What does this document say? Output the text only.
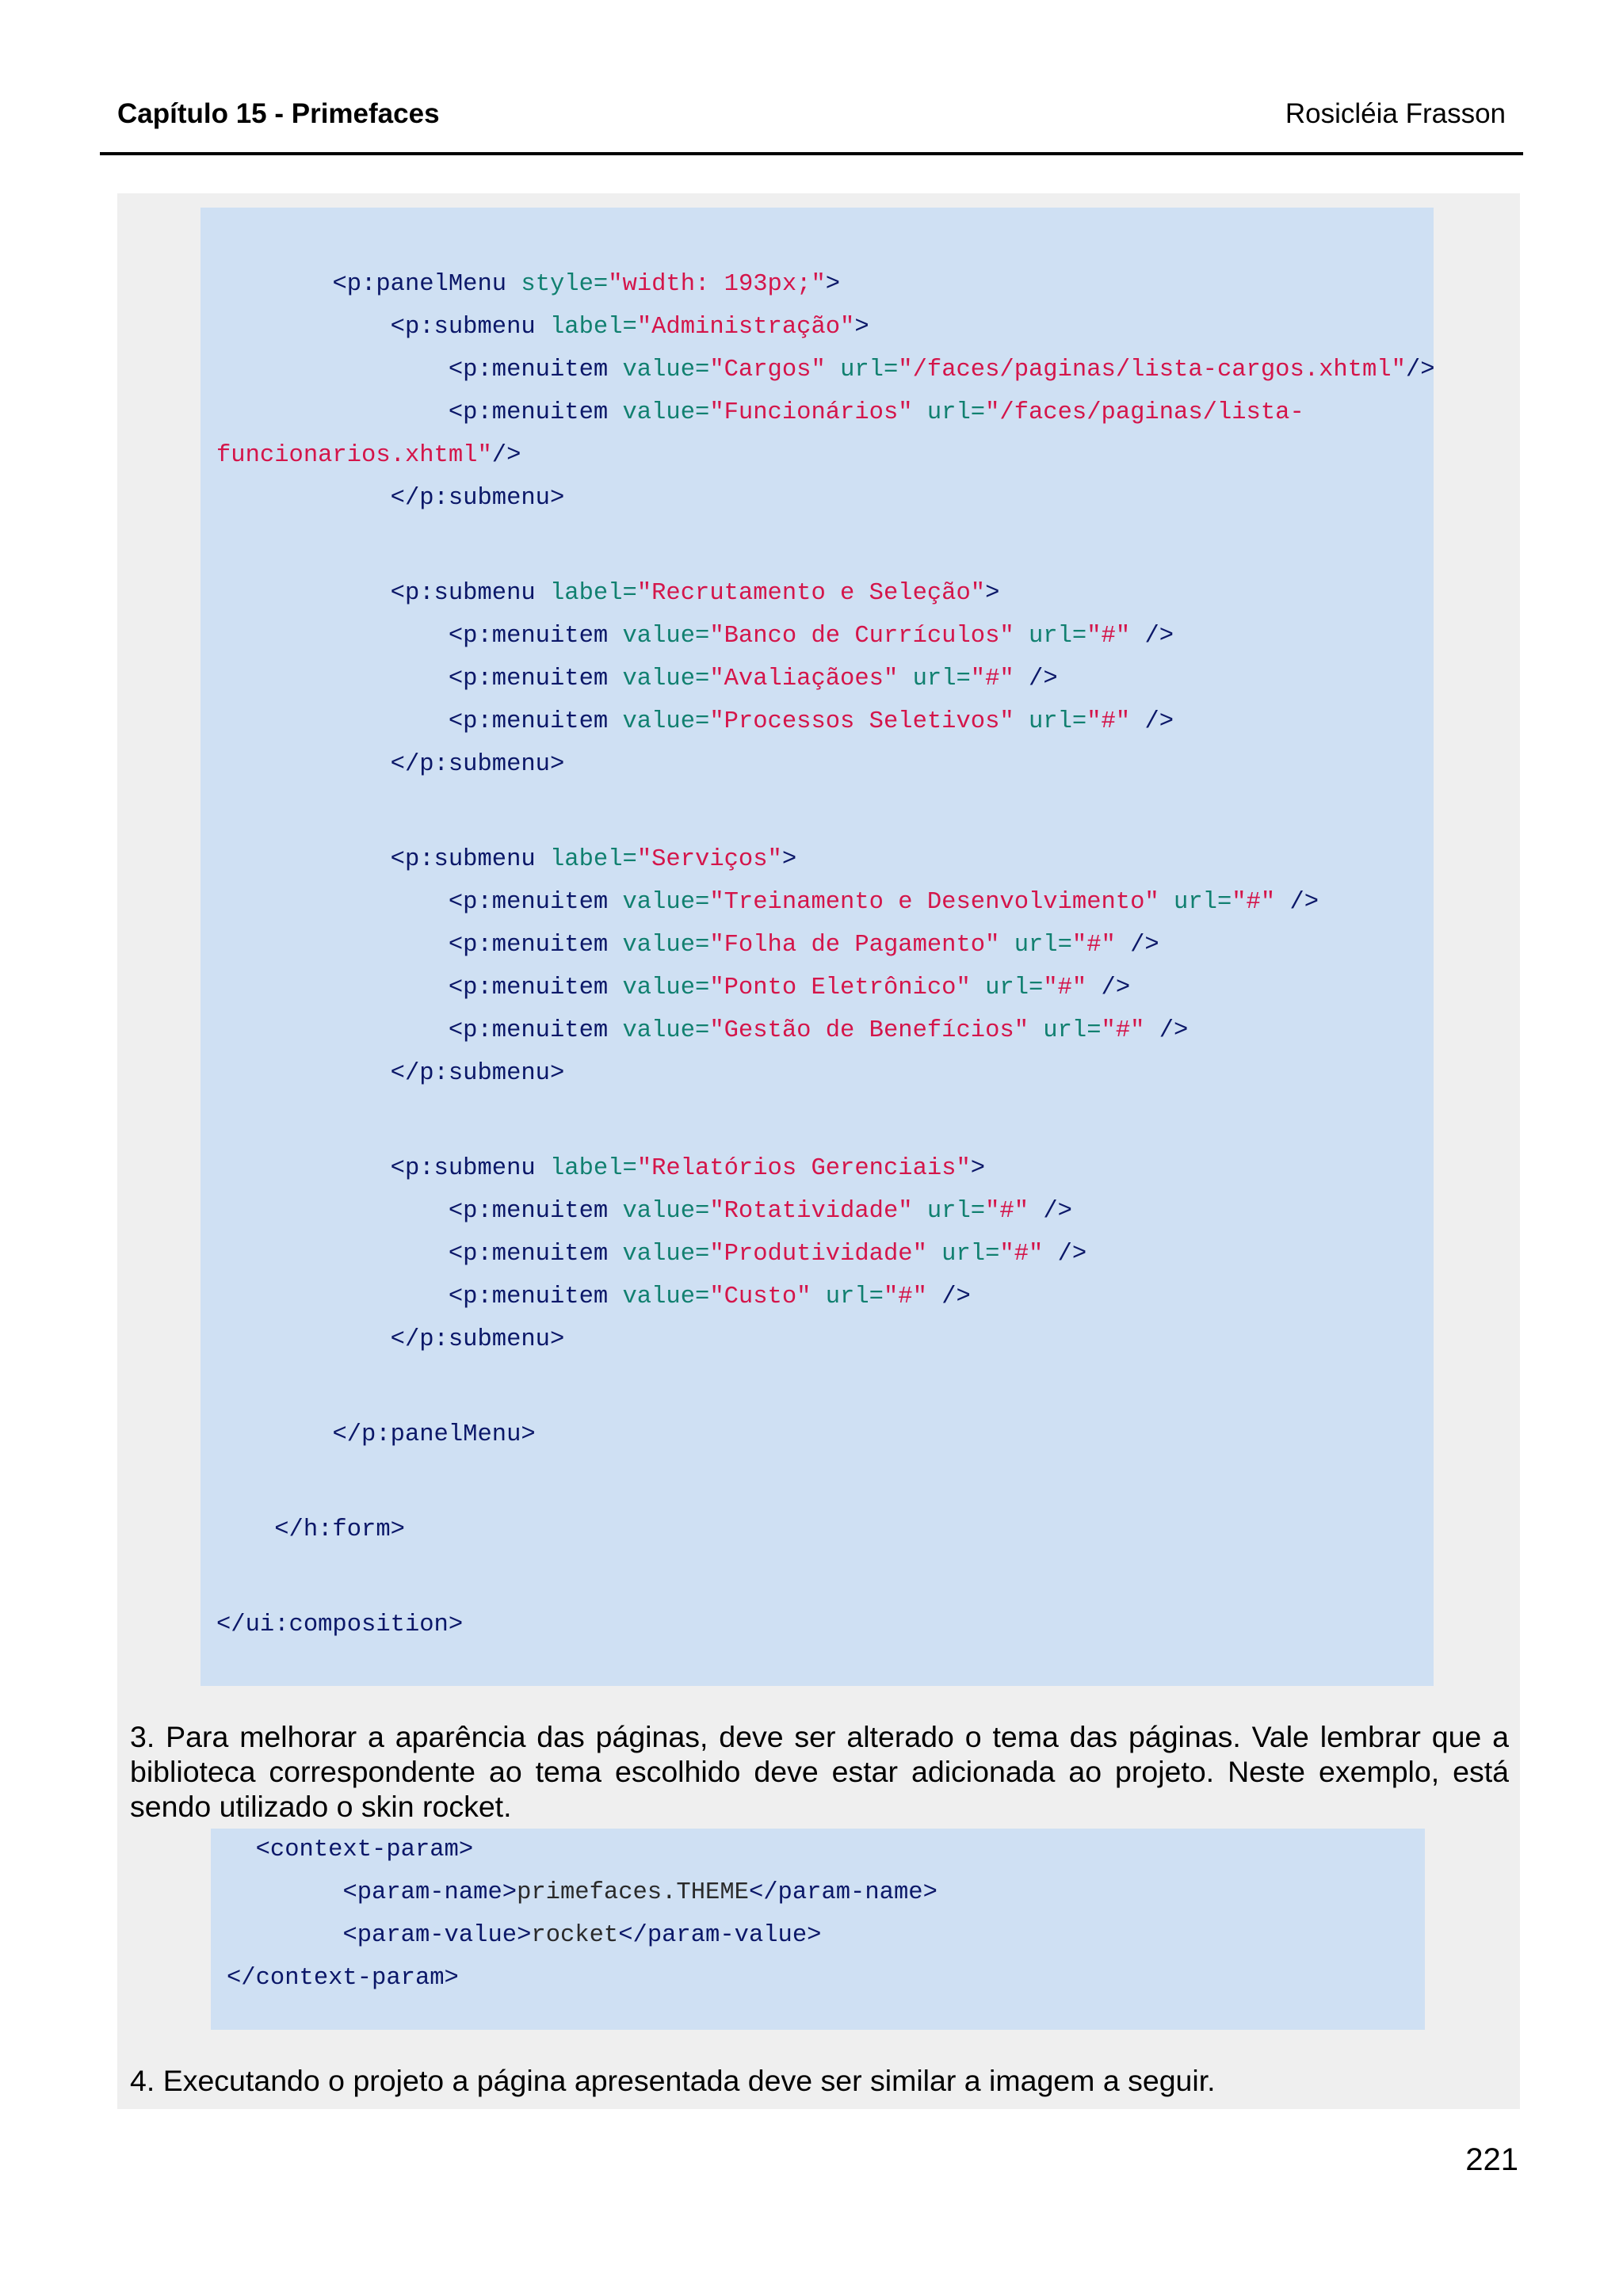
Capítulo 15 - Primefaces	Rosicléia Frasson
<p:panelMenu style="width: 193px;">
<p:submenu label="Administração">
<p:menuitem value="Cargos" url="/faces/paginas/lista-cargos.xhtml"/>
<p:menuitem value="Funcionários" url="/faces/paginas/lista-
funcionarios.xhtml"/>
</p:submenu>
<p:submenu label="Recrutamento e Seleção">
<p:menuitem value="Banco de Currículos" url="#" />
<p:menuitem value="Avaliaçãoes" url="#" />
<p:menuitem value="Processos Seletivos" url="#" />
</p:submenu>
<p:submenu label="Serviços">
<p:menuitem value="Treinamento e Desenvolvimento" url="#" />
<p:menuitem value="Folha de Pagamento" url="#" />
<p:menuitem value="Ponto Eletrônico" url="#" />
<p:menuitem value="Gestão de Benefícios" url="#" />
</p:submenu>
<p:submenu label="Relatórios Gerenciais">
<p:menuitem value="Rotatividade" url="#" />
<p:menuitem value="Produtividade" url="#" />
<p:menuitem value="Custo" url="#" />
</p:submenu>
</p:panelMenu>
</h:form>
</ui:composition>
3. Para melhorar a aparência das páginas, deve ser alterado o tema das páginas. Vale lembrar que a biblioteca correspondente ao tema escolhido deve estar adicionada ao projeto. Neste exemplo, está sendo utilizado o skin rocket.
<context-param>
<param-name>primefaces.THEME</param-name>
<param-value>rocket</param-value>
</context-param>
4. Executando o projeto a página apresentada deve ser similar a imagem a seguir.
221
